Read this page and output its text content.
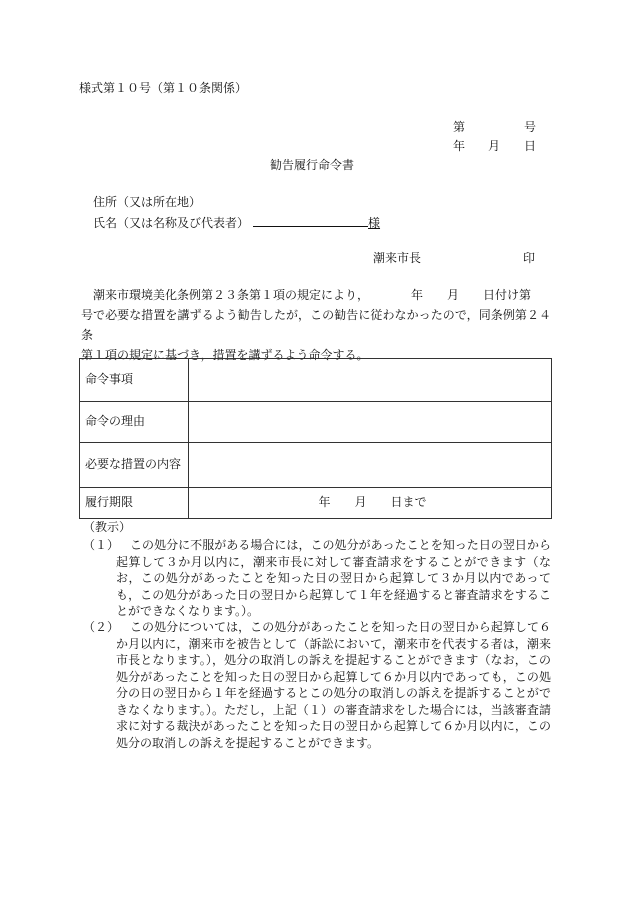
様式第１０号（第１０条関係）
第	号
年 月 日
勧告履行命令書
住所（又は所在地）
氏名（又は名称及び代表者）	様
潮来市長	印
　潮来市環境美化条例第２３条第１項の規定により，　　　　年　　月　　日付け第
号で必要な措置を講ずるよう勧告したが，この勧告に従わなかったので，同条例第２４条
第１項の規定に基づき，措置を講ずるよう命令する。
命令事項	
命令の理由	
必要な措置の内容	
履行期限	年　　月　　日まで
（教示）
（１） この処分に不服がある場合には，この処分があったことを知った日の翌日から起算して３か月以内に，潮来市長に対して審査請求をすることができます（なお，この処分があったことを知った日の翌日から起算して３か月以内であっても，この処分があった日の翌日から起算して１年を経過すると審査請求をすることができなくなります。）。
（２） この処分については，この処分があったことを知った日の翌日から起算して６か月以内に，潮来市を被告として（訴訟において，潮来市を代表する者は，潮来市長となります。），処分の取消しの訴えを提起することができます（なお，この処分があったことを知った日の翌日から起算して６か月以内であっても，この処分の日の翌日から１年を経過するとこの処分の取消しの訴えを提訴することができなくなります。）。ただし，上記（１）の審査請求をした場合には，当該審査請求に対する裁決があったことを知った日の翌日から起算して６か月以内に，この処分の取消しの訴えを提起することができます。
